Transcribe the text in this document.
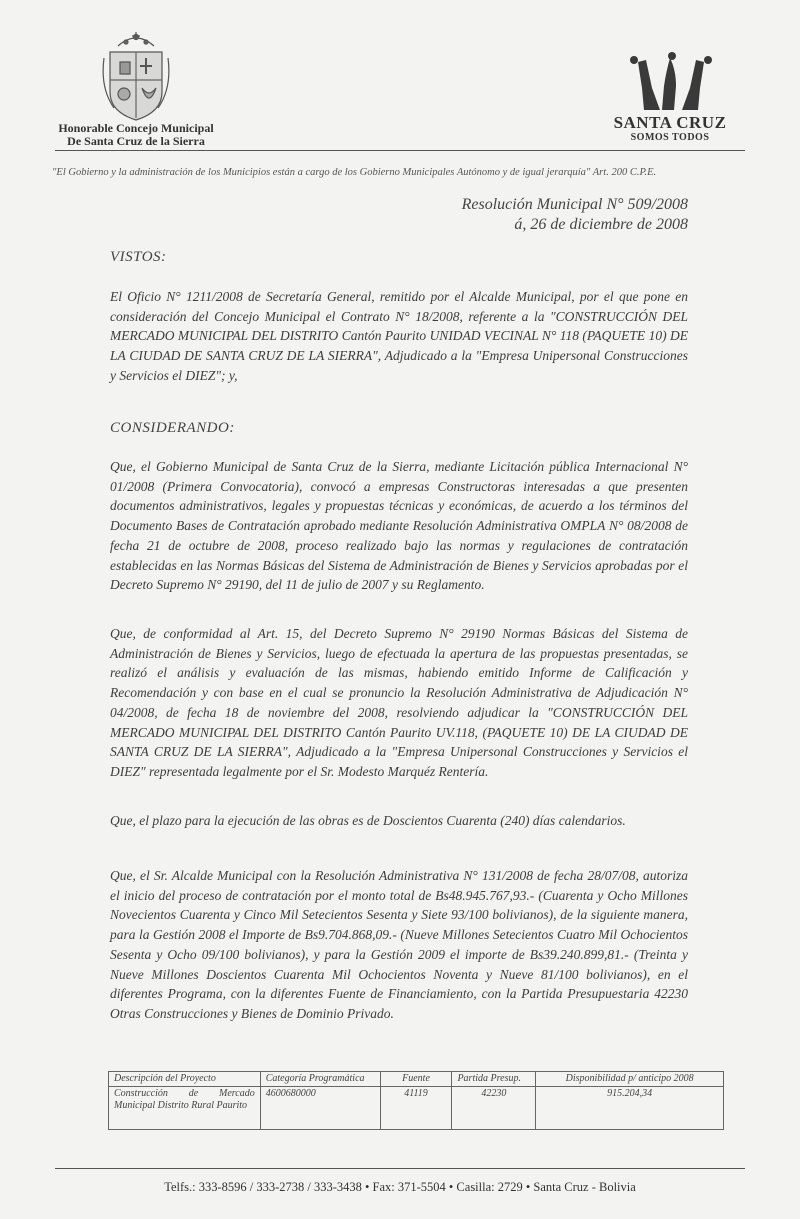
Honorable Concejo Municipal
De Santa Cruz de la Sierra
SANTA CRUZ
SOMOS TODOS
"El Gobierno y la administración de los Municipios están a cargo de los Gobierno Municipales Autónomo y de igual jerarquía" Art. 200 C.P.E.
Resolución Municipal N° 509/2008
á, 26 de diciembre de 2008
VISTOS:
El Oficio N° 1211/2008 de Secretaría General, remitido por el Alcalde Municipal, por el que pone en consideración del Concejo Municipal el Contrato N° 18/2008, referente a la "CONSTRUCCIÓN DEL MERCADO MUNICIPAL DEL DISTRITO Cantón Paurito UNIDAD VECINAL N° 118 (PAQUETE 10) DE LA CIUDAD DE SANTA CRUZ DE LA SIERRA", Adjudicado a la "Empresa Unipersonal Construcciones y Servicios el DIEZ"; y,
CONSIDERANDO:
Que, el Gobierno Municipal de Santa Cruz de la Sierra, mediante Licitación pública Internacional N° 01/2008 (Primera Convocatoria), convocó a empresas Constructoras interesadas a que presenten documentos administrativos, legales y propuestas técnicas y económicas, de acuerdo a los términos del Documento Bases de Contratación aprobado mediante Resolución Administrativa OMPLA N° 08/2008 de fecha 21 de octubre de 2008, proceso realizado bajo las normas y regulaciones de contratación establecidas en las Normas Básicas del Sistema de Administración de Bienes y Servicios aprobadas por el Decreto Supremo N° 29190, del 11 de julio de 2007 y su Reglamento.
Que, de conformidad al Art. 15, del Decreto Supremo N° 29190 Normas Básicas del Sistema de Administración de Bienes y Servicios, luego de efectuada la apertura de las propuestas presentadas, se realizó el análisis y evaluación de las mismas, habiendo emitido Informe de Calificación y Recomendación y con base en el cual se pronuncio la Resolución Administrativa de Adjudicación N° 04/2008, de fecha 18 de noviembre del 2008, resolviendo adjudicar la "CONSTRUCCIÓN DEL MERCADO MUNICIPAL DEL DISTRITO Cantón Paurito UV.118, (PAQUETE 10) DE LA CIUDAD DE SANTA CRUZ DE LA SIERRA", Adjudicado a la "Empresa Unipersonal Construcciones y Servicios el DIEZ" representada legalmente por el Sr. Modesto Marquéz Rentería.
Que, el plazo para la ejecución de las obras es de Doscientos Cuarenta (240) días calendarios.
Que, el Sr. Alcalde Municipal con la Resolución Administrativa N° 131/2008 de fecha 28/07/08, autoriza el inicio del proceso de contratación por el monto total de Bs48.945.767,93.- (Cuarenta y Ocho Millones Novecientos Cuarenta y Cinco Mil Setecientos Sesenta y Siete 93/100 bolivianos), de la siguiente manera, para la Gestión 2008 el Importe de Bs9.704.868,09.- (Nueve Millones Setecientos Cuatro Mil Ochocientos Sesenta y Ocho 09/100 bolivianos), y para la Gestión 2009 el importe de Bs39.240.899,81.- (Treinta y Nueve Millones Doscientos Cuarenta Mil Ochocientos Noventa y Nueve 81/100 bolivianos), en el diferentes Programa, con la diferentes Fuente de Financiamiento, con la Partida Presupuestaria 42230 Otras Construcciones y Bienes de Dominio Privado.
Descripción del Proyecto	Categoría Programática	Fuente	Partida Presup.	Disponibilidad p/ anticipo 2008
Construcción de Mercado Municipal Distrito Rural Paurito	4600680000	41119	42230	915.204,34
Telfs.: 333-8596 / 333-2738 / 333-3438 • Fax: 371-5504 • Casilla: 2729 • Santa Cruz - Bolivia
